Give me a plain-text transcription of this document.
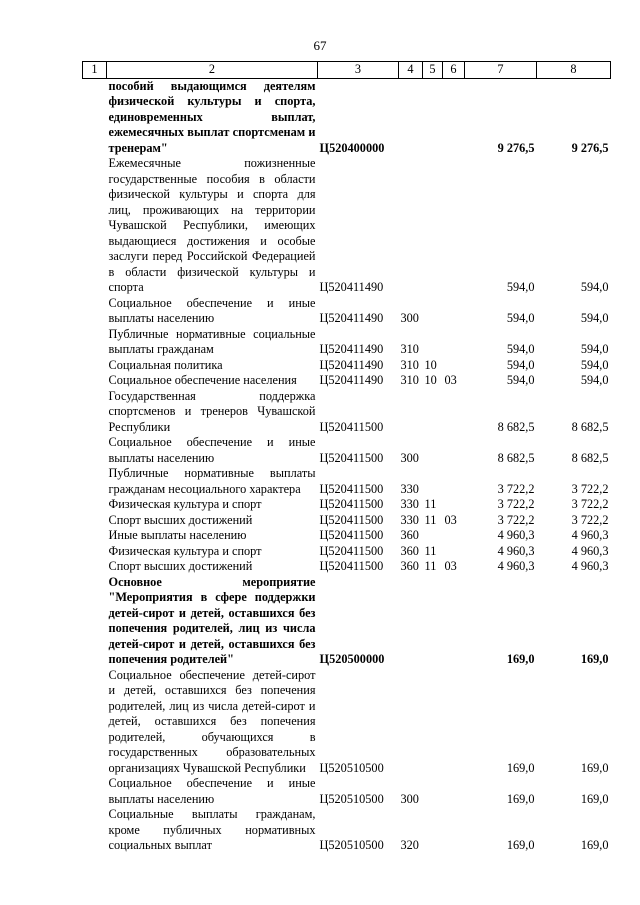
67
1	2	3	4	5	6	7	8
	пособий выдающимся деятелям физической культуры и спорта, единовременных выплат, ежемесячных выплат спортсменам и тренерам"	Ц520400000				9 276,5	9 276,5
	Ежемесячные пожизненные государственные пособия в области физической культуры и спорта для лиц, проживающих на территории Чувашской Республики, имеющих выдающиеся достижения и особые заслуги перед Российской Федерацией в области физической культуры и спорта	Ц520411490				594,0	594,0
	Социальное обеспечение и иные выплаты населению	Ц520411490	300			594,0	594,0
	Публичные нормативные социальные выплаты гражданам	Ц520411490	310			594,0	594,0
	Социальная политика	Ц520411490	310	10		594,0	594,0
	Социальное обеспечение населения	Ц520411490	310	10	03	594,0	594,0
	Государственная поддержка спортсменов и тренеров Чувашской Республики	Ц520411500				8 682,5	8 682,5
	Социальное обеспечение и иные выплаты населению	Ц520411500	300			8 682,5	8 682,5
	Публичные нормативные выплаты гражданам несоциального характера	Ц520411500	330			3 722,2	3 722,2
	Физическая культура и спорт	Ц520411500	330	11		3 722,2	3 722,2
	Спорт высших достижений	Ц520411500	330	11	03	3 722,2	3 722,2
	Иные выплаты населению	Ц520411500	360			4 960,3	4 960,3
	Физическая культура и спорт	Ц520411500	360	11		4 960,3	4 960,3
	Спорт высших достижений	Ц520411500	360	11	03	4 960,3	4 960,3
	Основное мероприятие "Мероприятия в сфере поддержки детей-сирот и детей, оставшихся без попечения родителей, лиц из числа детей-сирот и детей, оставшихся без попечения родителей"	Ц520500000				169,0	169,0
	Социальное обеспечение детей-сирот и детей, оставшихся без попечения родителей, лиц из числа детей-сирот и детей, оставшихся без попечения родителей, обучающихся в государственных образовательных организациях Чувашской Республики	Ц520510500				169,0	169,0
	Социальное обеспечение и иные выплаты населению	Ц520510500	300			169,0	169,0
	Социальные выплаты гражданам, кроме публичных нормативных социальных выплат	Ц520510500	320			169,0	169,0
